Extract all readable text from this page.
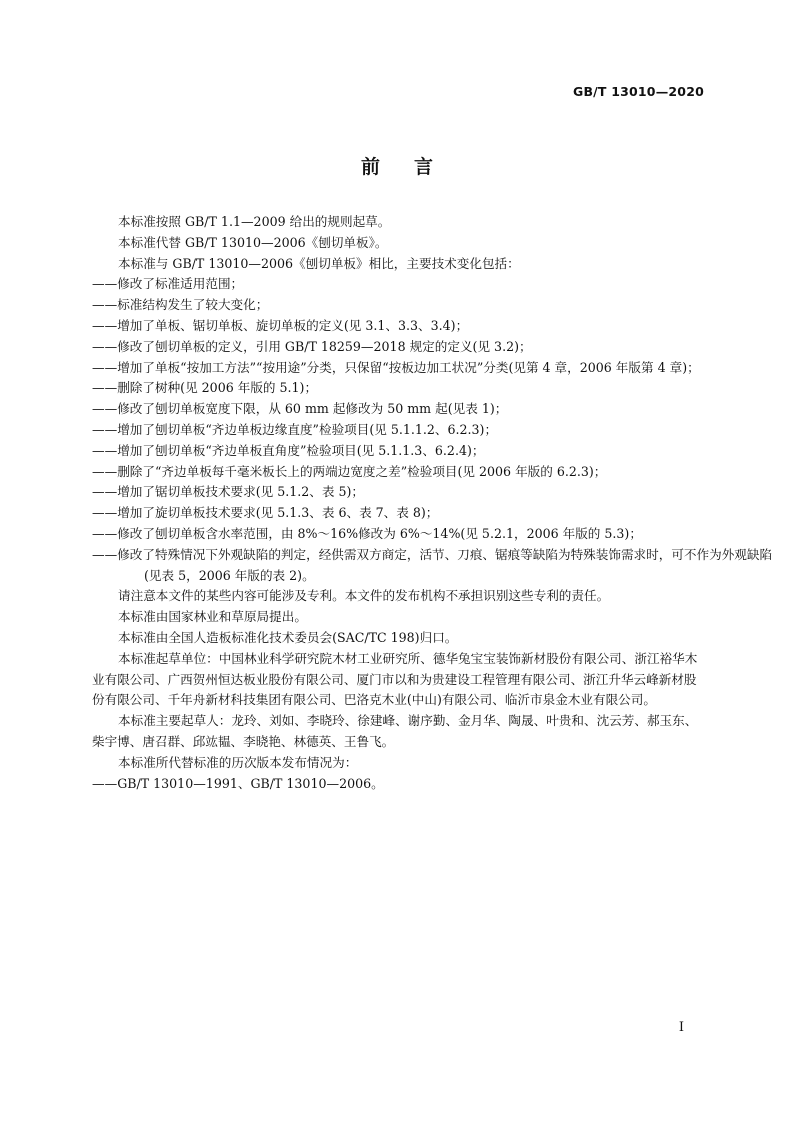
GB/T 13010—2020
前言

本标准按照 GB/T 1.1—2009 给出的规则起草。

本标准代替 GB/T 13010—2006《刨切单板》。

本标准与 GB/T 13010—2006《刨切单板》相比，主要技术变化包括：

——修改了标准适用范围；

——标准结构发生了较大变化；

——增加了单板、锯切单板、旋切单板的定义(见 3.1、3.3、3.4)；

——修改了刨切单板的定义，引用 GB/T 18259—2018 规定的定义(见 3.2)；

——增加了单板“按加工方法”“按用途”分类，只保留“按板边加工状况”分类(见第 4 章，2006 年版第 4 章)；

——删除了树种(见 2006 年版的 5.1)；

——修改了刨切单板宽度下限，从 60 mm 起修改为 50 mm 起(见表 1)；

——增加了刨切单板“齐边单板边缘直度”检验项目(见 5.1.1.2、6.2.3)；

——增加了刨切单板“齐边单板直角度”检验项目(见 5.1.1.3、6.2.4)；

——删除了“齐边单板每千毫米板长上的两端边宽度之差”检验项目(见 2006 年版的 6.2.3)；

——增加了锯切单板技术要求(见 5.1.2、表 5)；

——增加了旋切单板技术要求(见 5.1.3、表 6、表 7、表 8)；

——修改了刨切单板含水率范围，由 8%～16%修改为 6%～14%(见 5.2.1，2006 年版的 5.3)；

——修改了特殊情况下外观缺陷的判定，经供需双方商定，活节、刀痕、锯痕等缺陷为特殊装饰需求时，可不作为外观缺陷(见表 5，2006 年版的表 2)。

请注意本文件的某些内容可能涉及专利。本文件的发布机构不承担识别这些专利的责任。

本标准由国家林业和草原局提出。

本标准由全国人造板标准化技术委员会(SAC/TC 198)归口。

本标准起草单位：中国林业科学研究院木材工业研究所、德华兔宝宝装饰新材股份有限公司、浙江裕华木业有限公司、广西贺州恒达板业股份有限公司、厦门市以和为贵建设工程管理有限公司、浙江升华云峰新材股份有限公司、千年舟新材科技集团有限公司、巴洛克木业(中山)有限公司、临沂市泉金木业有限公司。

本标准主要起草人：龙玲、刘如、李晓玲、徐建峰、谢序勤、金月华、陶晟、叶贵和、沈云芳、郝玉东、柴宇博、唐召群、邱竑韫、李晓艳、林德英、王鲁飞。

本标准所代替标准的历次版本发布情况为：

——GB/T 13010—1991、GB/T 13010—2006。

I
